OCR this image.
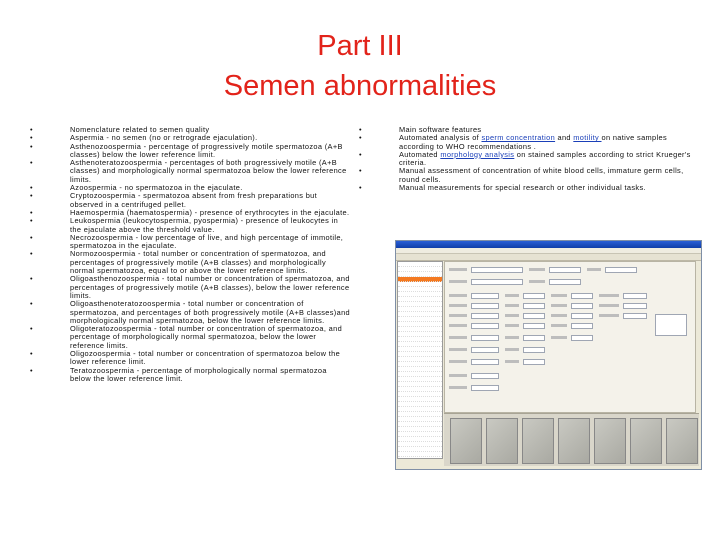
Part III
Semen abnormalities
• Nomenclature related to semen quality
• Aspermia - no semen (no or retrograde ejaculation).
• Asthenozoospermia - percentage of progressively motile spermatozoa (A+B classes) below the lower reference limit.
• Asthenoteratozoospermia - percentages of both progressively motile (A+B classes) and morphologically normal spermatozoa below the lower reference limits.
• Azoospermia - no spermatozoa in the ejaculate.
• Cryptozoospermia - spermatozoa absent from fresh preparations but observed in a centrifuged pellet.
• Haemospermia (haematospermia) - presence of erythrocytes in the ejaculate.
• Leukospermia (leukocytospermia, pyospermia) - presence of leukocytes in the ejaculate above the threshold value.
• Necrozoospermia - low percentage of live, and high percentage of immotile, spermatozoa in the ejaculate.
• Normozoospermia - total number or concentration of spermatozoa, and percentages of progressively motile (A+B classes) and morphologically normal spermatozoa, equal to or above the lower reference limits.
• Oligoasthenozoospermia - total number or concentration of spermatozoa, and percentages of progressively motile (A+B classes), below the lower reference limits.
• Oligoasthenoteratozoospermia - total number or concentration of spermatozoa, and percentages of both progressively motile (A+B classes)and morphologically normal spermatozoa, below the lower reference limits.
• Oligoteratozoospermia - total number or concentration of spermatozoa, and percentage of morphologically normal spermatozoa, below the lower reference limits.
• Oligozoospermia - total number or concentration of spermatozoa below the lower reference limit.
• Teratozoospermia - percentage of morphologically normal spermatozoa below the lower reference limit.
• Main software features
• Automated analysis of sperm concentration and motility on native samples according to WHO recommendations .
• Automated morphology analysis on stained samples according to strict Krueger's criteria.
• Manual assessment of concentration of white blood cells, immature germ cells, round cells.
• Manual measurements for special research or other individual tasks.
